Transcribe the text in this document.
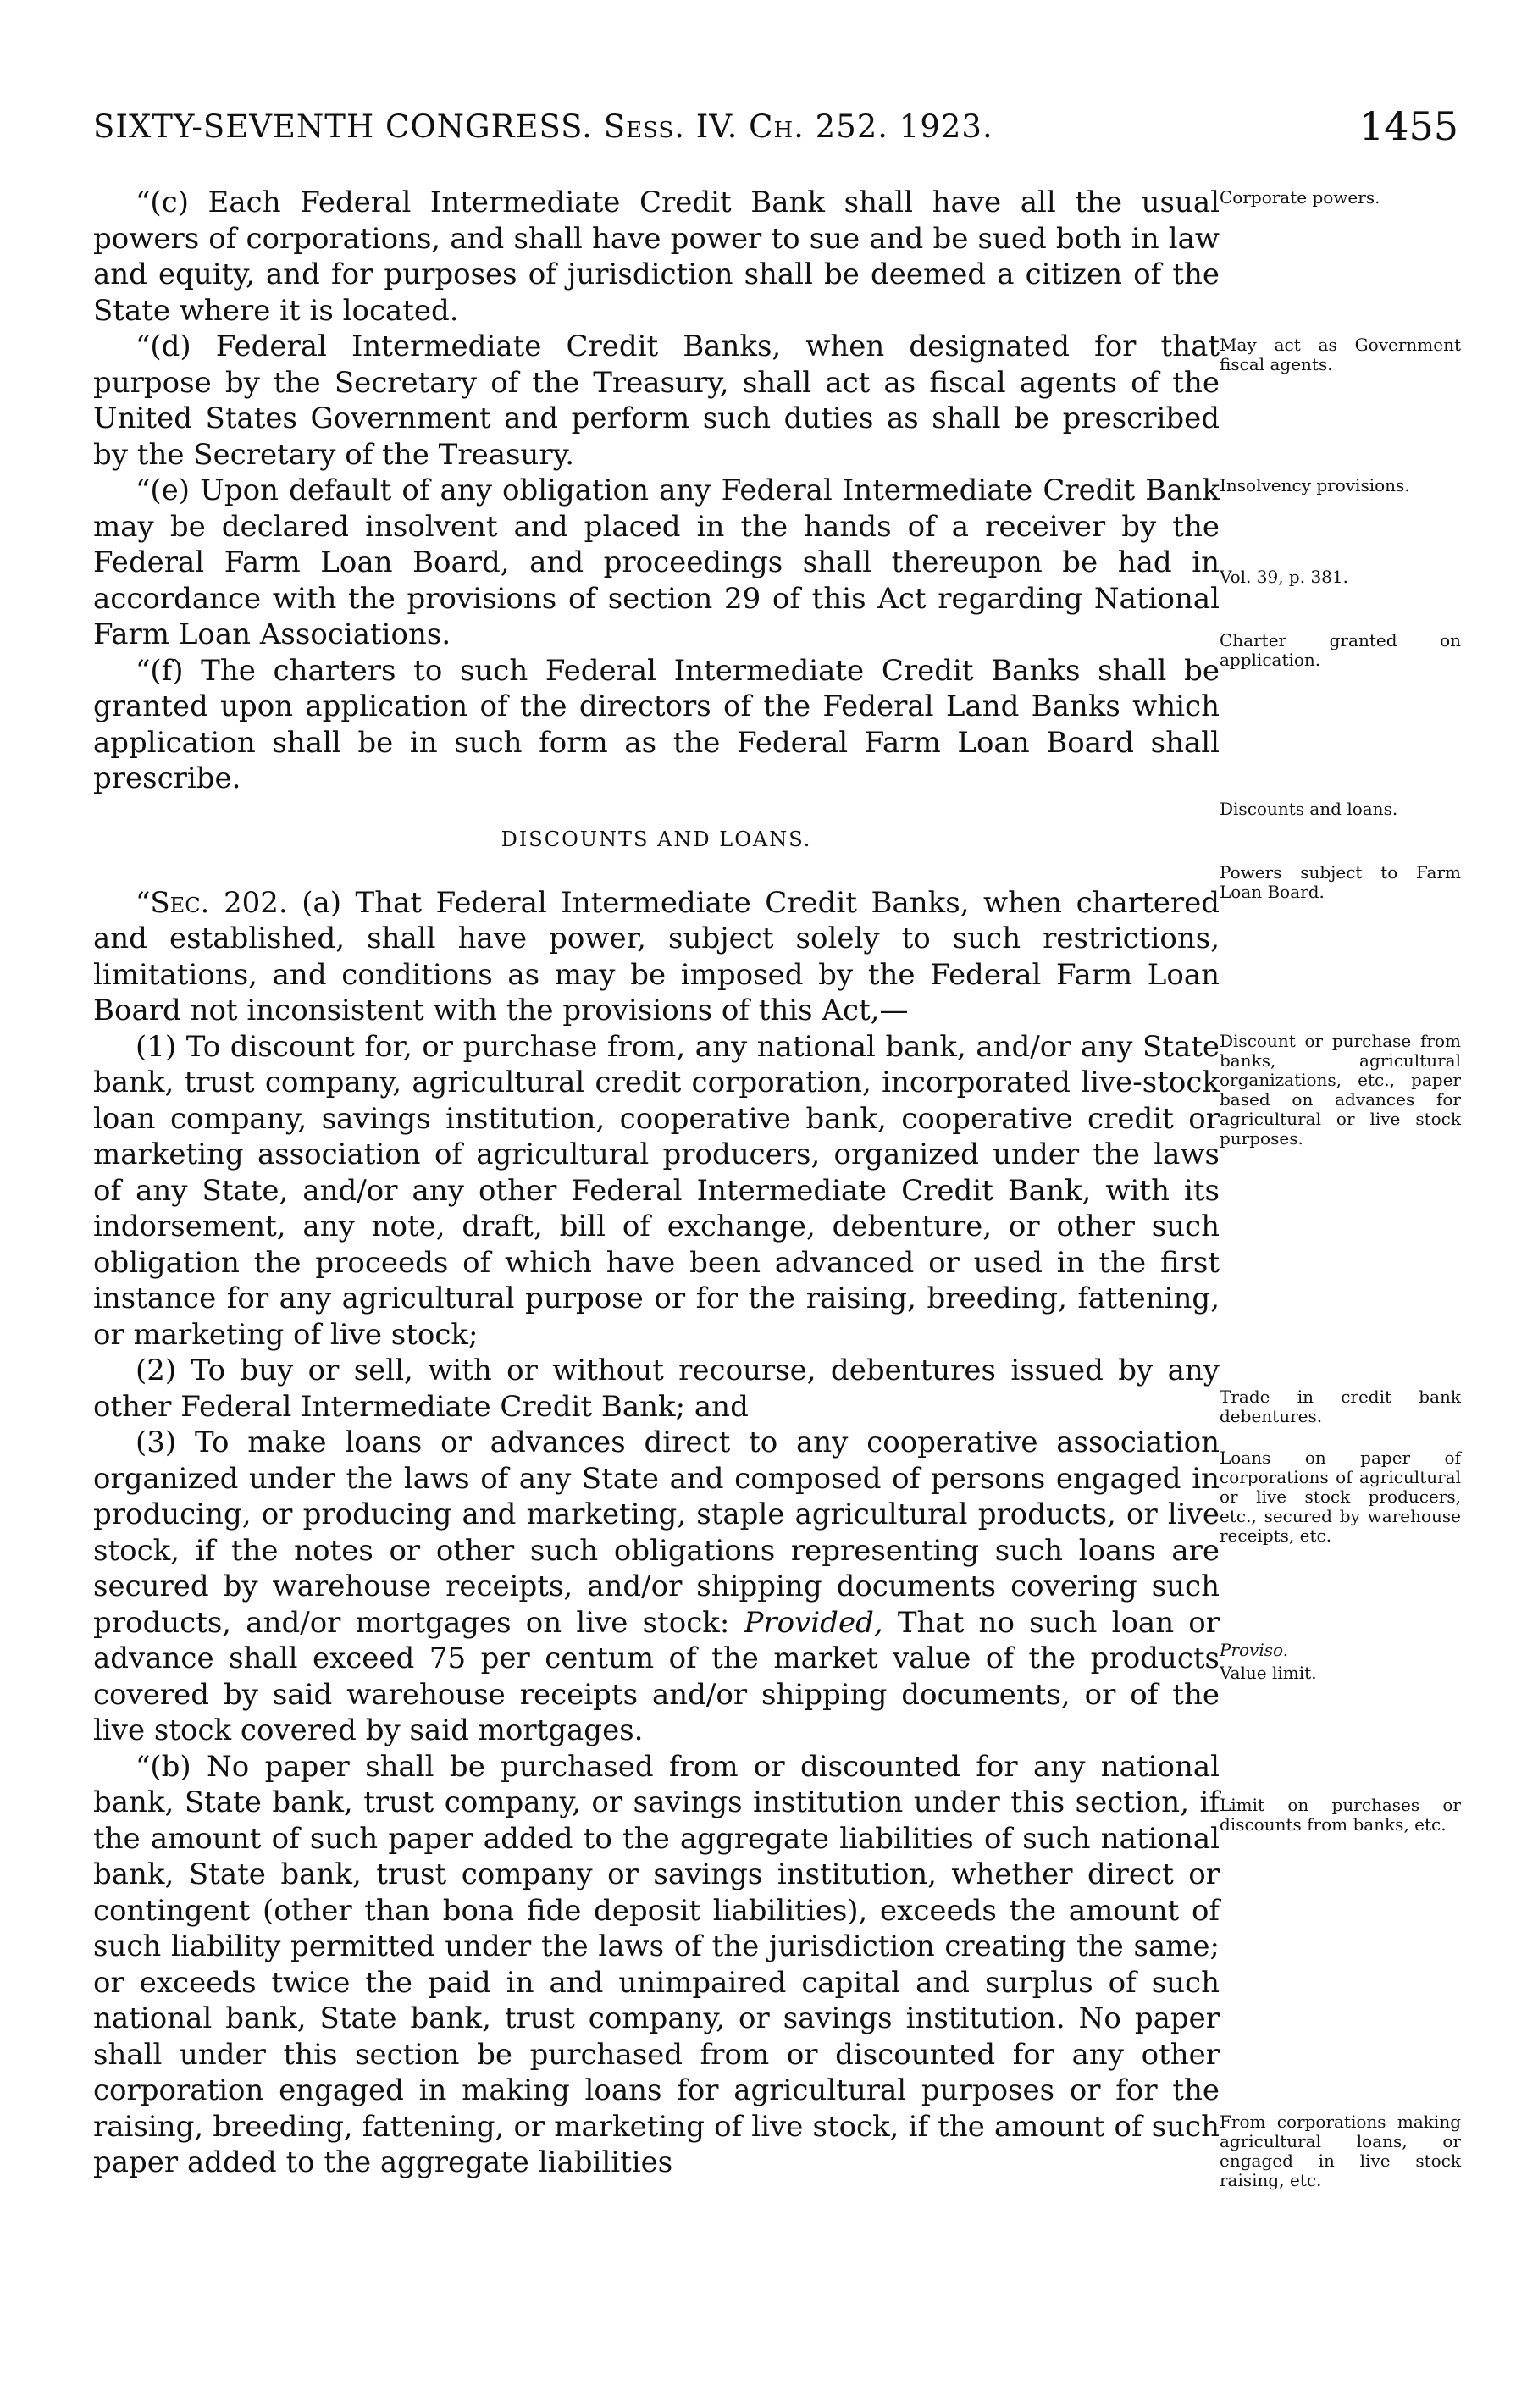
SIXTY-SEVENTH CONGRESS. Sess. IV. Ch. 252. 1923.	1455

“(c) Each Federal Intermediate Credit Bank shall have all the usual powers of corporations, and shall have power to sue and be sued both in law and equity, and for purposes of jurisdiction shall be deemed a citizen of the State where it is located.

“(d) Federal Intermediate Credit Banks, when designated for that purpose by the Secretary of the Treasury, shall act as fiscal agents of the United States Government and perform such duties as shall be prescribed by the Secretary of the Treasury.

“(e) Upon default of any obligation any Federal Intermediate Credit Bank may be declared insolvent and placed in the hands of a receiver by the Federal Farm Loan Board, and proceedings shall thereupon be had in accordance with the provisions of section 29 of this Act regarding National Farm Loan Associations.

“(f) The charters to such Federal Intermediate Credit Banks shall be granted upon application of the directors of the Federal Land Banks which application shall be in such form as the Federal Farm Loan Board shall prescribe.

DISCOUNTS AND LOANS.

“Sec. 202. (a) That Federal Intermediate Credit Banks, when chartered and established, shall have power, subject solely to such restrictions, limitations, and conditions as may be imposed by the Federal Farm Loan Board not inconsistent with the provisions of this Act,—

(1) To discount for, or purchase from, any national bank, and/or any State bank, trust company, agricultural credit corporation, incorporated live-stock loan company, savings institution, cooperative bank, cooperative credit or marketing association of agricultural producers, organized under the laws of any State, and/or any other Federal Intermediate Credit Bank, with its indorsement, any note, draft, bill of exchange, debenture, or other such obligation the proceeds of which have been advanced or used in the first instance for any agricultural purpose or for the raising, breeding, fattening, or marketing of live stock;

(2) To buy or sell, with or without recourse, debentures issued by any other Federal Intermediate Credit Bank; and

(3) To make loans or advances direct to any cooperative association organized under the laws of any State and composed of persons engaged in producing, or producing and marketing, staple agricultural products, or live stock, if the notes or other such obligations representing such loans are secured by warehouse receipts, and/or shipping documents covering such products, and/or mortgages on live stock: Provided, That no such loan or advance shall exceed 75 per centum of the market value of the products covered by said warehouse receipts and/or shipping documents, or of the live stock covered by said mortgages.

“(b) No paper shall be purchased from or discounted for any national bank, State bank, trust company, or savings institution under this section, if the amount of such paper added to the aggregate liabilities of such national bank, State bank, trust company or savings institution, whether direct or contingent (other than bona fide deposit liabilities), exceeds the amount of such liability permitted under the laws of the jurisdiction creating the same; or exceeds twice the paid in and unimpaired capital and surplus of such national bank, State bank, trust company, or savings institution. No paper shall under this section be purchased from or discounted for any other corporation engaged in making loans for agricultural purposes or for the raising, breeding, fattening, or marketing of live stock, if the amount of such paper added to the aggregate liabilities

Corporate powers.
May act as Government fiscal agents.
Insolvency provisions.
Vol. 39, p. 381.
Charter granted on application.
Discounts and loans.
Powers subject to Farm Loan Board.
Discount or purchase from banks, agricultural organizations, etc., paper based on advances for agricultural or live stock purposes.
Trade in credit bank debentures.
Loans on paper of corporations of agricultural or live stock producers, etc., secured by warehouse receipts, etc.
Proviso.
Value limit.
Limit on purchases or discounts from banks, etc.
From corporations making agricultural loans, or engaged in live stock raising, etc.
